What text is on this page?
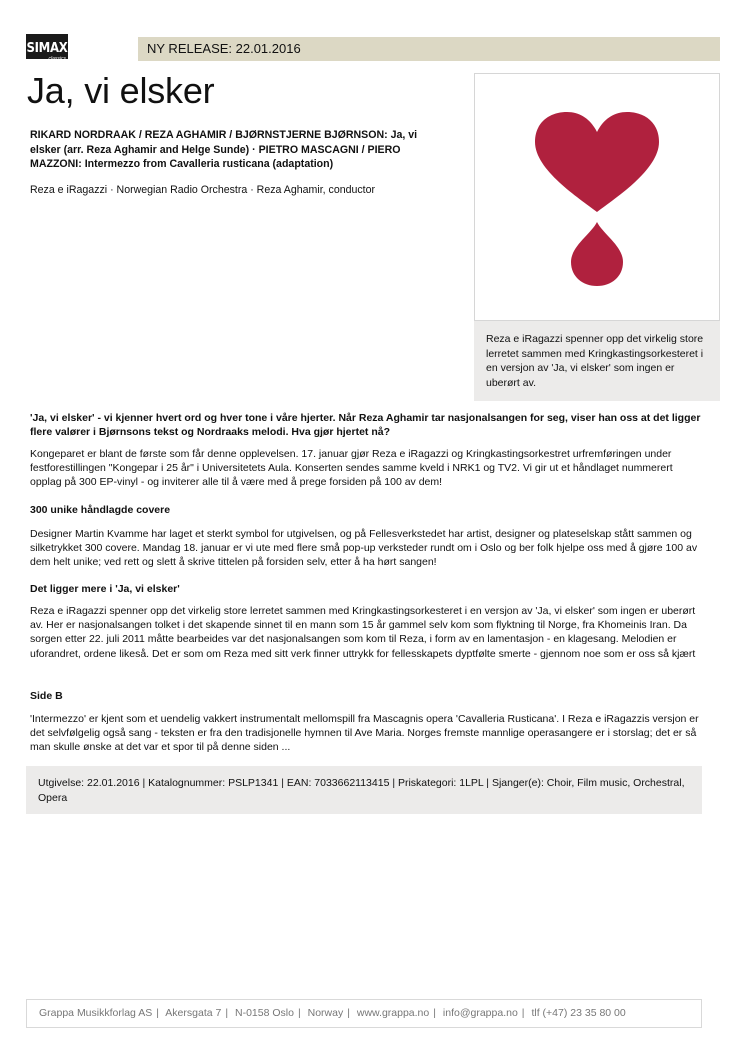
SIMAX
classics
NY RELEASE: 22.01.2016
Ja, vi elsker

RIKARD NORDRAAK / REZA AGHAMIR / BJØRNSTJERNE BJØRNSON: Ja, vi elsker (arr. Reza Aghamir and Helge Sunde) · PIETRO MASCAGNI / PIERO MAZZONI: Intermezzo from Cavalleria rusticana (adaptation)

Reza e iRagazzi · Norwegian Radio Orchestra · Reza Aghamir, conductor

Reza e iRagazzi spenner opp det virkelig store lerretet sammen med Kringkastingsorkesteret i en versjon av 'Ja, vi elsker' som ingen er uberørt av.

'Ja, vi elsker' - vi kjenner hvert ord og hver tone i våre hjerter. Når Reza Aghamir tar nasjonalsangen for seg, viser han oss at det ligger flere valører i Bjørnsons tekst og Nordraaks melodi. Hva gjør hjertet nå?

Kongeparet er blant de første som får denne opplevelsen. 17. januar gjør Reza e iRagazzi og Kringkastingsorkestret urfremføringen under festforestillingen "Kongepar i 25 år" i Universitetets Aula. Konserten sendes samme kveld i NRK1 og TV2. Vi gir ut et håndlaget nummerert opplag på 300 EP-vinyl - og inviterer alle til å være med å prege forsiden på 100 av dem!

300 unike håndlagde covere

Designer Martin Kvamme har laget et sterkt symbol for utgivelsen, og på Fellesverkstedet har artist, designer og plateselskap stått sammen og silketrykket 300 covere. Mandag 18. januar er vi ute med flere små pop-up verksteder rundt om i Oslo og ber folk hjelpe oss med å gjøre 100 av dem helt unike; ved rett og slett å skrive tittelen på forsiden selv, etter å ha hørt sangen!

Det ligger mere i 'Ja, vi elsker'

Reza e iRagazzi spenner opp det virkelig store lerretet sammen med Kringkastingsorkesteret i en versjon av 'Ja, vi elsker' som ingen er uberørt av. Her er nasjonalsangen tolket i det skapende sinnet til en mann som 15 år gammel selv kom som flyktning til Norge, fra Khomeinis Iran. Da sorgen etter 22. juli 2011 måtte bearbeides var det nasjonalsangen som kom til Reza, i form av en lamentasjon - en klagesang. Melodien er uforandret, ordene likeså. Det er som om Reza med sitt verk finner uttrykk for fellesskapets dyptfølte smerte - gjennom noe som er oss så kjært

Side B

'Intermezzo' er kjent som et uendelig vakkert instrumentalt mellomspill fra Mascagnis opera 'Cavalleria Rusticana'. I Reza e iRagazzis versjon er det selvfølgelig også sang - teksten er fra den tradisjonelle hymnen til Ave Maria. Norges fremste mannlige operasangere er i storslag; det er så man skulle ønske at det var et spor til på denne siden ...

Utgivelse: 22.01.2016 | Katalognummer: PSLP1341 | EAN: 7033662113415 | Priskategori: 1LPL | Sjanger(e): Choir, Film music, Orchestral, Opera
Grappa Musikkforlag AS | Akersgata 7 | N-0158 Oslo | Norway | www.grappa.no | info@grappa.no | tlf (+47) 23 35 80 00
